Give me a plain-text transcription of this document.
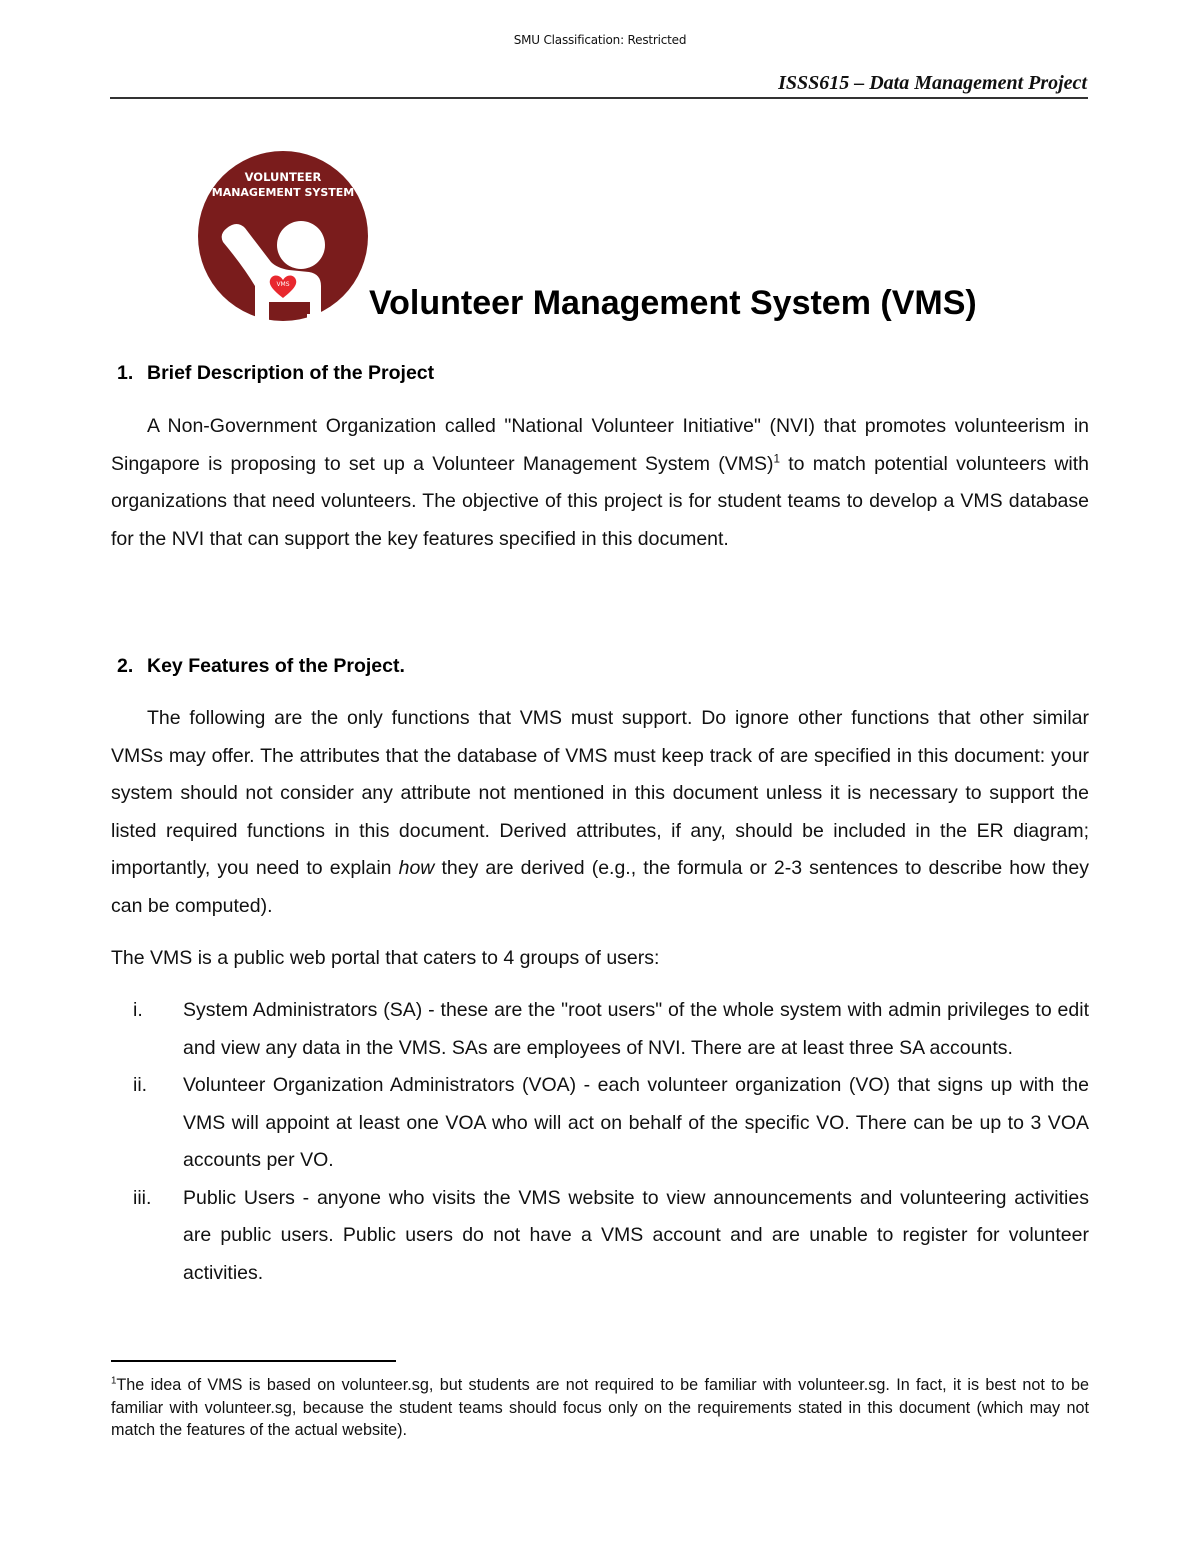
SMU Classification: Restricted
ISSS615 – Data Management Project
VOLUNTEER
MANAGEMENT SYSTEM
VMS Volunteer Management System (VMS)
1. Brief Description of the Project
A Non-Government Organization called "National Volunteer Initiative" (NVI) that promotes volunteerism in Singapore is proposing to set up a Volunteer Management System (VMS)$^1$ to match potential volunteers with organizations that need volunteers. The objective of this project is for student teams to develop a VMS database for the NVI that can support the key features specified in this document.
2. Key Features of the Project.
The following are the only functions that VMS must support. Do ignore other functions that other similar VMSs may offer. The attributes that the database of VMS must keep track of are specified in this document: your system should not consider any attribute not mentioned in this document unless it is necessary to support the listed required functions in this document. Derived attributes, if any, should be included in the ER diagram; importantly, you need to explain how they are derived (e.g., the formula or 2-3 sentences to describe how they can be computed).
The VMS is a public web portal that caters to 4 groups of users:
i.	System Administrators (SA) - these are the "root users" of the whole system with admin privileges to edit and view any data in the VMS. SAs are employees of NVI. There are at least three SA accounts.
ii.	Volunteer Organization Administrators (VOA) - each volunteer organization (VO) that signs up with the VMS will appoint at least one VOA who will act on behalf of the specific VO. There can be up to 3 VOA accounts per VO.
iii.	Public Users - anyone who visits the VMS website to view announcements and volunteering activities are public users. Public users do not have a VMS account and are unable to register for volunteer activities.
$^1$The idea of VMS is based on volunteer.sg, but students are not required to be familiar with volunteer.sg. In fact, it is best not to be familiar with volunteer.sg, because the student teams should focus only on the requirements stated in this document (which may not match the features of the actual website).
